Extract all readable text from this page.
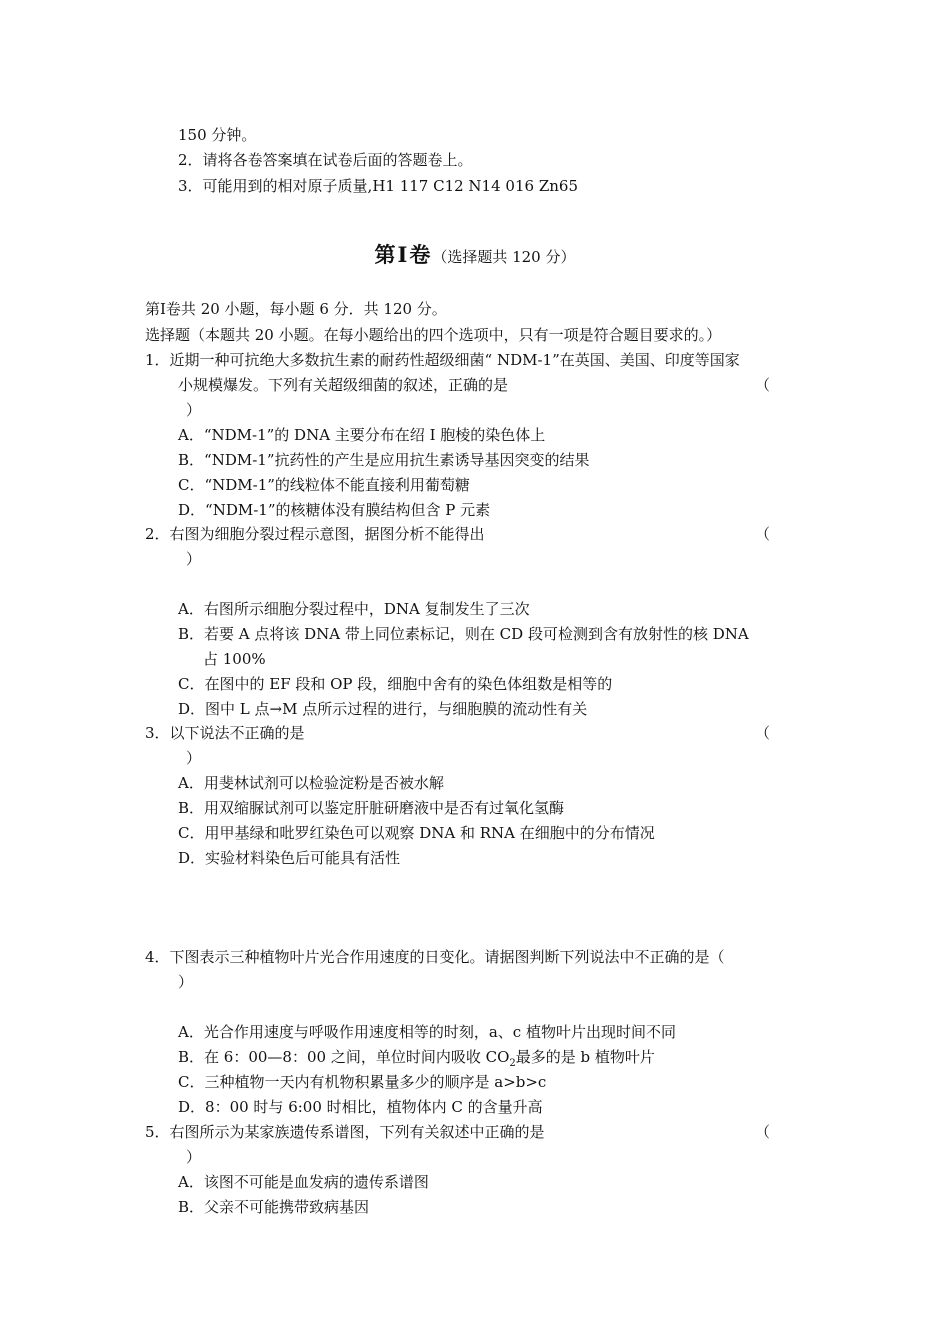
150 分钟。
2．请将各卷答案填在试卷后面的答题卷上。
3．可能用到的相对原子质量,H1 117 C12 N14 016 Zn65
第Ⅰ卷（选择题共 120 分）
第Ⅰ卷共 20 小题，每小题 6 分．共 120 分。
选择题（本题共 20 小题。在每小题给出的四个选项中，只有一项是符合题目要求的。）
1．近期一种可抗绝大多数抗生素的耐药性超级细菌“ NDM-1”在英国、美国、印度等国家
小规模爆发。下列有关超级细菌的叙述，正确的是	（
）
A．“NDM-1”的 DNA 主要分布在绍 I 胞棱的染色体上
B．“NDM-1”抗药性的产生是应用抗生素诱导基因突变的结果
C．“NDM-1”的线粒体不能直接利用葡萄糖
D．“NDM-1”的核糖体没有膜结构但含 P 元素
2．右图为细胞分裂过程示意图，据图分析不能得出	（
）
A．右图所示细胞分裂过程中，DNA 复制发生了三次
B．若要 A 点将该 DNA 带上同位素标记，则在 CD 段可检测到含有放射性的核 DNA
占 100%
C．在图中的 EF 段和 OP 段，细胞中舍有的染色体组数是相等的
D．图中 L 点→M 点所示过程的进行，与细胞膜的流动性有关
3．以下说法不正确的是	（
）
A．用斐林试剂可以检验淀粉是否被水解
B．用双缩脲试剂可以鉴定肝脏研磨液中是否有过氧化氢酶
C．用甲基绿和吡罗红染色可以观察 DNA 和 RNA 在细胞中的分布情况
D．实验材料染色后可能具有活性
4．下图表示三种植物叶片光合作用速度的日变化。请据图判断下列说法中不正确的是（
）
A．光合作用速度与呼吸作用速度相等的时刻，a、c 植物叶片出现时间不同
B．在 6：00—8：00 之间，单位时间内吸收 $CO_2$最多的是 b 植物叶片
C．三种植物一天内有机物积累量多少的顺序是 a>b>c
D．8：00 时与 6:00 时相比，植物体内 C 的含量升高
5．右图所示为某家族遗传系谱图，下列有关叙述中正确的是	（
）
A．该图不可能是血发病的遗传系谱图
B．父亲不可能携带致病基因
